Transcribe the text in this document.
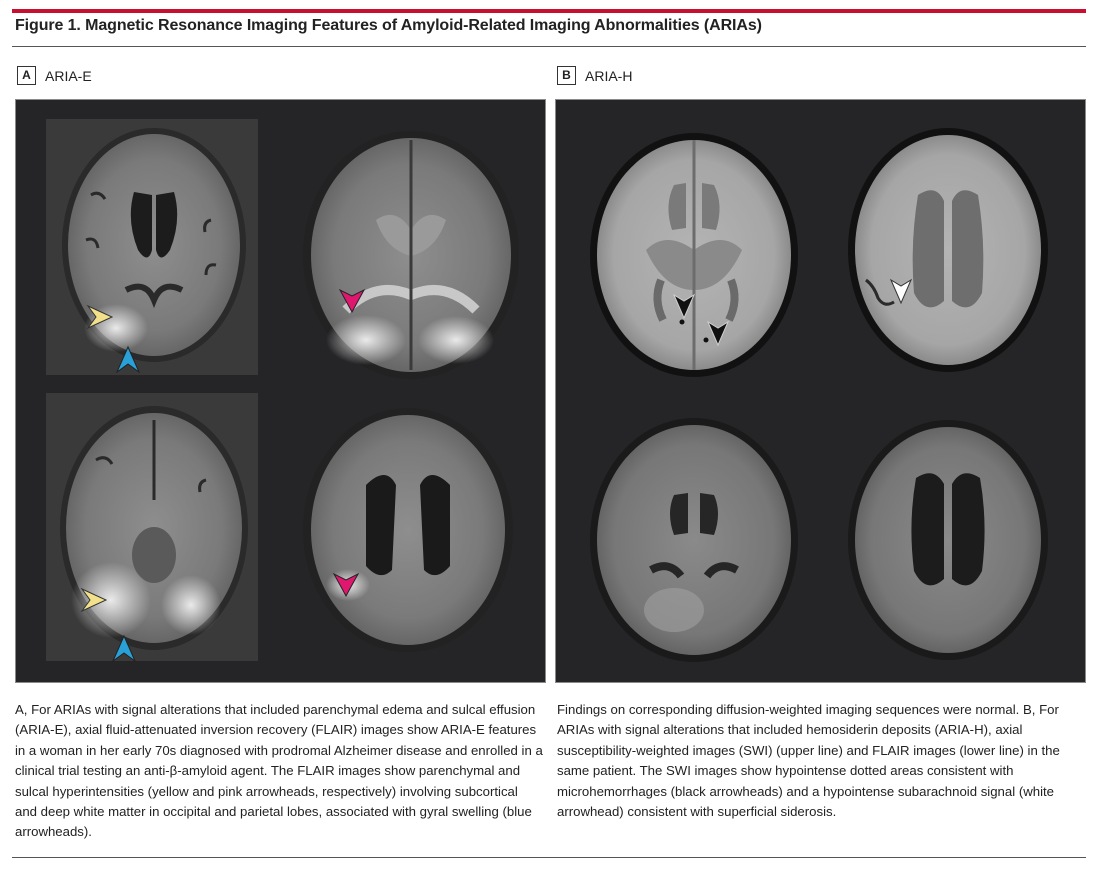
Figure 1. Magnetic Resonance Imaging Features of Amyloid-Related Imaging Abnormalities (ARIAs)
A	ARIA-E	B	ARIA-H

A, For ARIAs with signal alterations that included parenchymal edema and sulcal effusion (ARIA-E), axial fluid-attenuated inversion recovery (FLAIR) images show ARIA-E features in a woman in her early 70s diagnosed with prodromal Alzheimer disease and enrolled in a clinical trial testing an anti-β-amyloid agent. The FLAIR images show parenchymal and sulcal hyperintensities (yellow and pink arrowheads, respectively) involving subcortical and deep white matter in occipital and parietal lobes, associated with gyral swelling (blue arrowheads).

Findings on corresponding diffusion-weighted imaging sequences were normal. B, For ARIAs with signal alterations that included hemosiderin deposits (ARIA-H), axial susceptibility-weighted images (SWI) (upper line) and FLAIR images (lower line) in the same patient. The SWI images show hypointense dotted areas consistent with microhemorrhages (black arrowheads) and a hypointense subarachnoid signal (white arrowhead) consistent with superficial siderosis.
